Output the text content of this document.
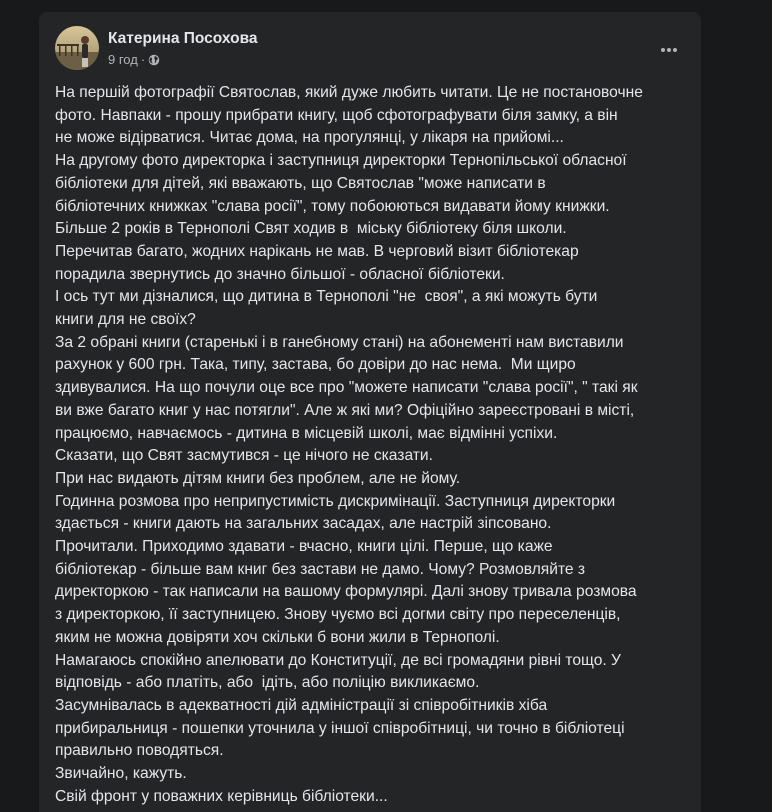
Катерина Посохова
9 год ·
На першій фотографії Святослав, який дуже любить читати. Це не постановочне
фото. Навпаки - прошу прибрати книгу, щоб сфотографувати біля замку, а він
не може відірватися. Читає дома, на прогулянці, у лікаря на прийомі...
На другому фото директорка і заступниця директорки Тернопільської обласної
бібліотеки для дітей, які вважають, що Святослав "може написати в
бібліотечних книжках "слава росії", тому побоюються видавати йому книжки.
Більше 2 років в Тернополі Свят ходив в  міську бібліотеку біля школи.
Перечитав багато, жодних нарікань не мав. В черговий візит бібліотекар
порадила звернутись до значно більшої - обласної бібліотеки.
І ось тут ми дізналися, що дитина в Тернополі "не  своя", а які можуть бути
книги для не своїх?
За 2 обрані книги (старенькі і в ганебному стані) на абонементі нам виставили
рахунок у 600 грн. Така, типу, застава, бо довіри до нас нема.  Ми щиро
здивувалися. На що почули оце все про "можете написати "слава росії", " такі як
ви вже багато книг у нас потягли". Але ж які ми? Офіційно зареєстровані в місті,
працюємо, навчаємось - дитина в місцевій школі, має відмінні успіхи.
Сказати, що Свят засмутився - це нічого не сказати.
При нас видають дітям книги без проблем, але не йому.
Годинна розмова про неприпустимість дискримінації. Заступниця директорки
здається - книги дають на загальних засадах, але настрій зіпсовано.
Прочитали. Приходимо здавати - вчасно, книги цілі. Перше, що каже
бібліотекар - більше вам книг без застави не дамо. Чому? Розмовляйте з
директоркою - так написали на вашому формулярі. Далі знову тривала розмова
з директоркою, її заступницею. Знову чуємо всі догми світу про переселенців,
яким не можна довіряти хоч скільки б вони жили в Тернополі.
Намагаюсь спокійно апелювати до Конституції, де всі громадяни рівні тощо. У
відповідь - або платіть, або  ідіть, або поліцію викликаємо.
Засумнівалась в адекватності дій адміністрації зі співробітників хіба
прибиральниця - пошепки уточнила у іншої співробітниці, чи точно в бібліотеці
правильно поводяться.
Звичайно, кажуть.
Свій фронт у поважних керівниць бібліотеки...
